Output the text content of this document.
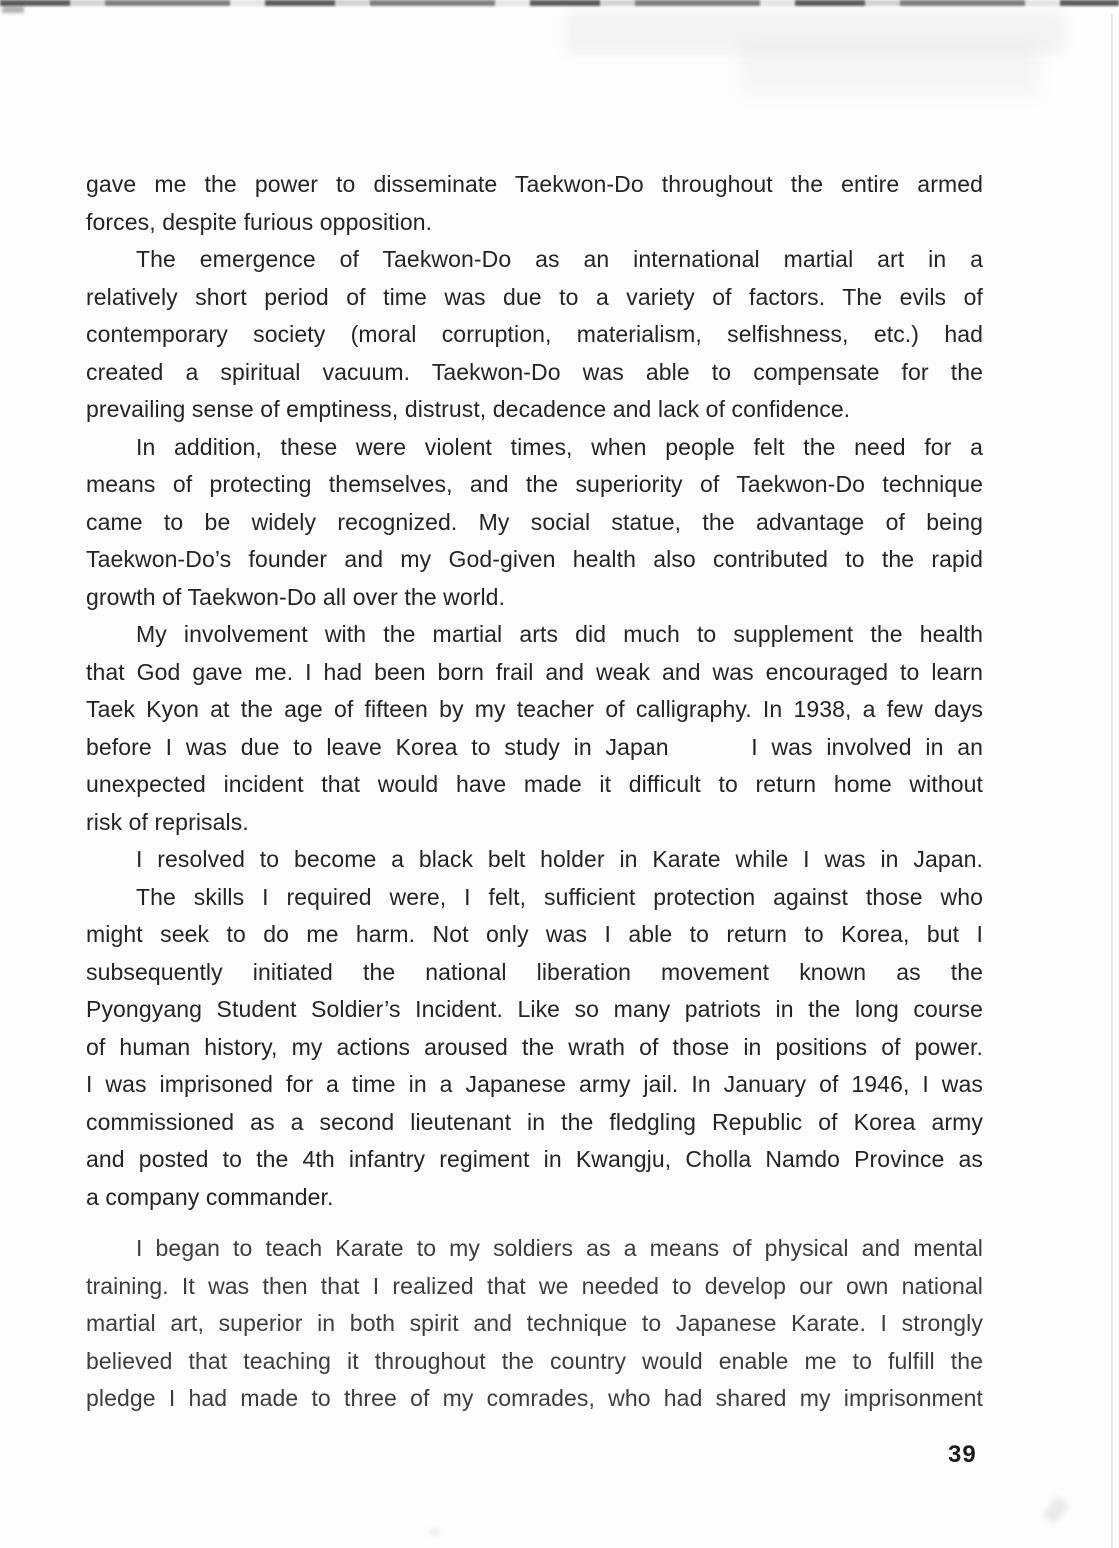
gave me the power to disseminate Taekwon-Do throughout the entire armed
forces, despite furious opposition.
The emergence of Taekwon-Do as an international martial art in a
relatively short period of time was due to a variety of factors. The evils of
contemporary society (moral corruption, materialism, selfishness, etc.) had
created a spiritual vacuum. Taekwon-Do was able to compensate for the
prevailing sense of emptiness, distrust, decadence and lack of confidence.
In addition, these were violent times, when people felt the need for a
means of protecting themselves, and the superiority of Taekwon-Do technique
came to be widely recognized. My social statue, the advantage of being
Taekwon-Do’s founder and my God-given health also contributed to the rapid
growth of Taekwon-Do all over the world.
My involvement with the martial arts did much to supplement the health
that God gave me. I had been born frail and weak and was encouraged to learn
Taek Kyon at the age of fifteen by my teacher of calligraphy. In 1938, a few days
before I was due to leave Korea to study in Japan      I was involved in an
unexpected incident that would have made it difficult to return home without
risk of reprisals.
I resolved to become a black belt holder in Karate while I was in Japan.
The skills I required were, I felt, sufficient protection against those who
might seek to do me harm. Not only was I able to return to Korea, but I
subsequently initiated the national liberation movement known as the
Pyongyang Student Soldier’s Incident. Like so many patriots in the long course
of human history, my actions aroused the wrath of those in positions of power.
I was imprisoned for a time in a Japanese army jail. In January of 1946, I was
commissioned as a second lieutenant in the fledgling Republic of Korea army
and posted to the 4th infantry regiment in Kwangju, Cholla Namdo Province as
a company commander.
I began to teach Karate to my soldiers as a means of physical and mental
training. It was then that I realized that we needed to develop our own national
martial art, superior in both spirit and technique to Japanese Karate. I strongly
believed that teaching it throughout the country would enable me to fulfill the
pledge I had made to three of my comrades, who had shared my imprisonment
39
